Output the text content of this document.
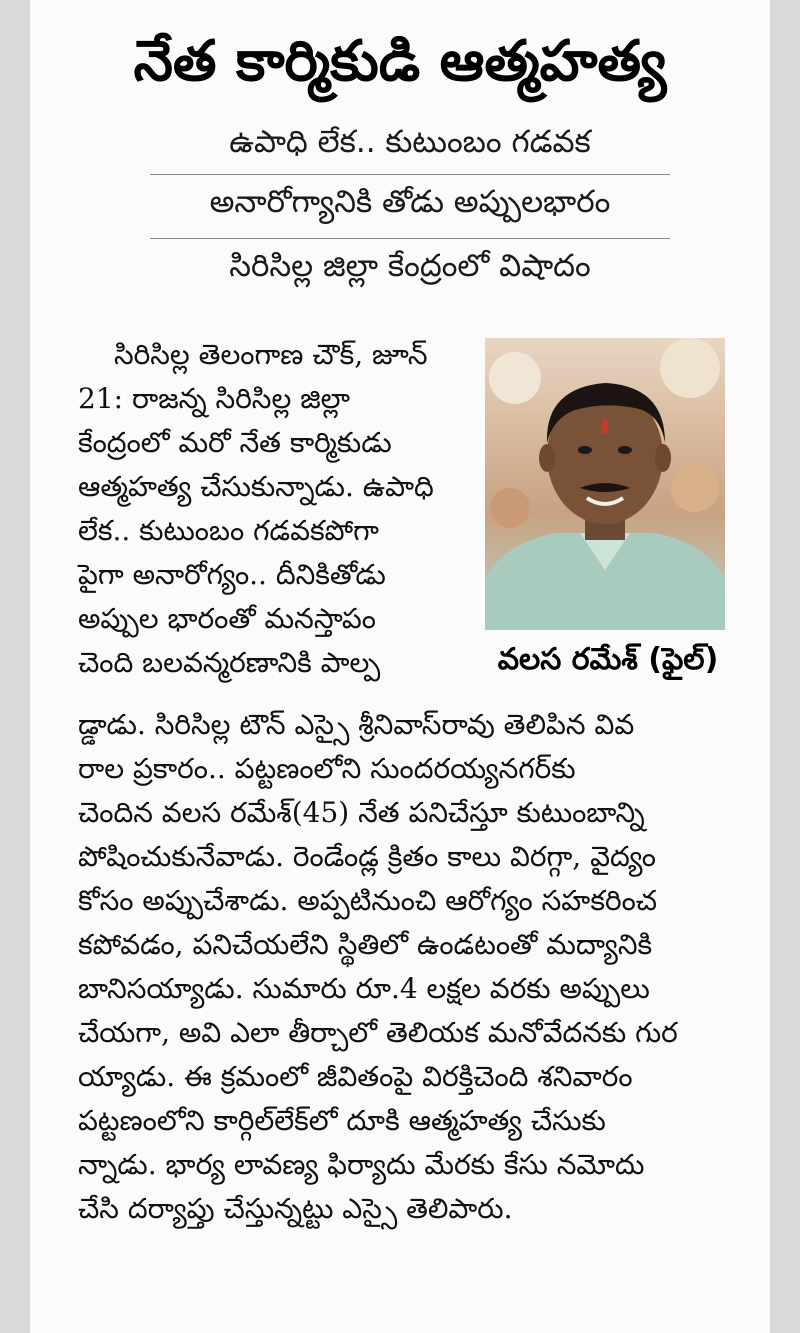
నేత కార్మికుడి ఆత్మహత్య
ఉపాధి లేక.. కుటుంబం గడవక
అనారోగ్యానికి తోడు అప్పులభారం
సిరిసిల్ల జిల్లా కేంద్రంలో విషాదం
వలస రమేశ్ (ఫైల్)
సిరిసిల్ల తెలంగాణ చౌక్, జూన్
21: రాజన్న సిరిసిల్ల జిల్లా
కేంద్రంలో మరో నేత కార్మికుడు
ఆత్మహత్య చేసుకున్నాడు. ఉపాధి
లేక.. కుటుంబం గడవకపోగా
పైగా అనారోగ్యం.. దీనికితోడు
అప్పుల భారంతో మనస్తాపం
చెంది బలవన్మరణానికి పాల్ప
డ్డాడు. సిరిసిల్ల టౌన్ ఎస్సై శ్రీనివాస్‌రావు తెలిపిన వివ
రాల ప్రకారం.. పట్టణంలోని సుందరయ్యనగర్‌కు
చెందిన వలస రమేశ్(45) నేత పనిచేస్తూ కుటుంబాన్ని
పోషించుకునేవాడు. రెండేండ్ల క్రితం కాలు విరగ్గా, వైద్యం
కోసం అప్పుచేశాడు. అప్పటినుంచి ఆరోగ్యం సహకరించ
కపోవడం, పనిచేయలేని స్థితిలో ఉండటంతో మద్యానికి
బానిసయ్యాడు. సుమారు రూ.4 లక్షల వరకు అప్పులు
చేయగా, అవి ఎలా తీర్చాలో తెలియక మనోవేదనకు గుర
య్యాడు. ఈ క్రమంలో జీవితంపై విరక్తిచెంది శనివారం
పట్టణంలోని కార్గిల్‌లేక్‌లో దూకి ఆత్మహత్య చేసుకు
న్నాడు. భార్య లావణ్య ఫిర్యాదు మేరకు కేసు నమోదు
చేసి దర్యాప్తు చేస్తున్నట్టు ఎస్సై తెలిపారు.
